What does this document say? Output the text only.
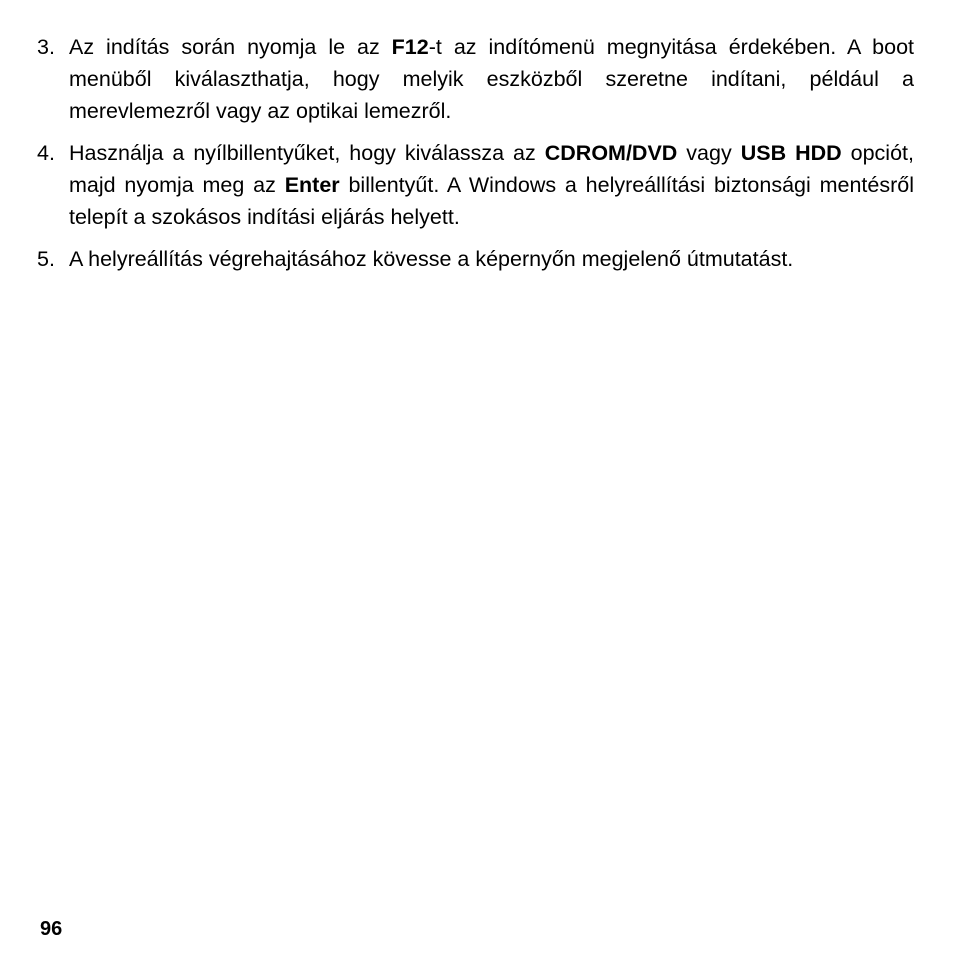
3. Az indítás során nyomja le az F12-t az indítómenü megnyitása érdekében. A boot menüből kiválaszthatja, hogy melyik eszközből szeretne indítani, például a merevlemezről vagy az optikai lemezről.
4. Használja a nyílbillentyűket, hogy kiválassza az CDROM/DVD vagy USB HDD opciót, majd nyomja meg az Enter billentyűt. A Windows a helyreállítási biztonsági mentésről telepít a szokásos indítási eljárás helyett.
5. A helyreállítás végrehajtásához kövesse a képernyőn megjelenő útmutatást.
96
